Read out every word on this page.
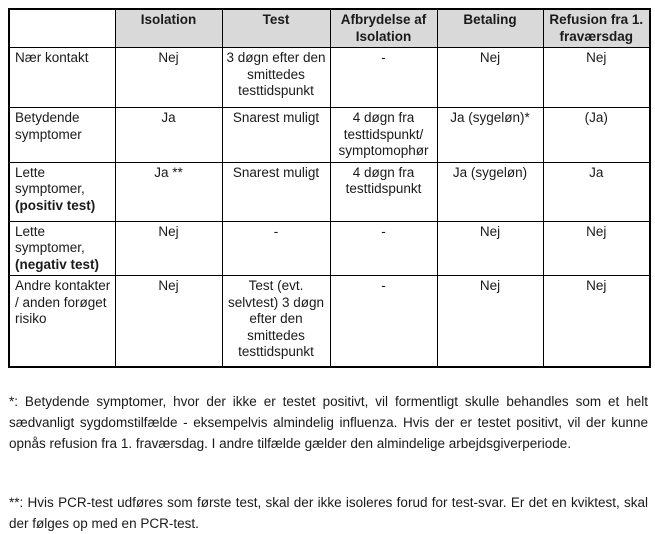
	Isolation	Test	Afbrydelse af Isolation	Betaling	Refusion fra 1. fraværsdag
Nær kontakt	Nej	3 døgn efter den smittedes testtidspunkt	-	Nej	Nej
Betydende symptomer	Ja	Snarest muligt	4 døgn fra testtidspunkt/ symptomophør	Ja (sygeløn)*	(Ja)
Lette symptomer, (positiv test)	Ja **	Snarest muligt	4 døgn fra testtidspunkt	Ja (sygeløn)	Ja
Lette symptomer, (negativ test)	Nej	-	-	Nej	Nej
Andre kontakter / anden forøget risiko	Nej	Test (evt. selvtest) 3 døgn efter den smittedes testtidspunkt	-	Nej	Nej

*: Betydende symptomer, hvor der ikke er testet positivt, vil formentligt skulle behandles som et helt sædvanligt sygdomstilfælde - eksempelvis almindelig influenza. Hvis der er testet positivt, vil der kunne opnås refusion fra 1. fraværsdag. I andre tilfælde gælder den almindelige arbejdsgiverperiode.

**: Hvis PCR-test udføres som første test, skal der ikke isoleres forud for test-svar. Er det en kviktest, skal der følges op med en PCR-test.
